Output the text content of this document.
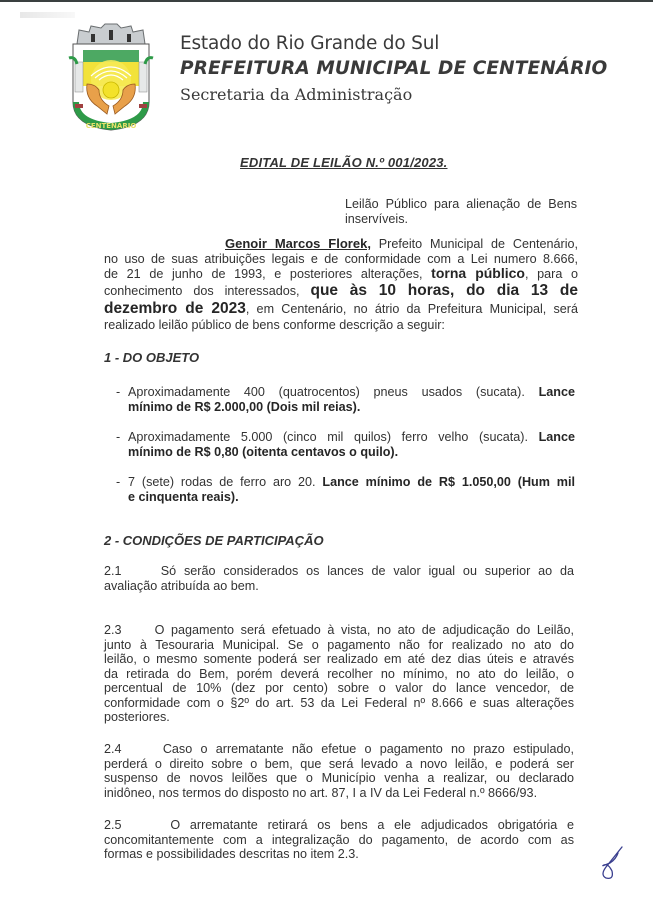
CENTENÁRIO
Estado do Rio Grande do Sul
PREFEITURA MUNICIPAL DE CENTENÁRIO
Secretaria da Administração
EDITAL DE LEILÃO N.º 001/2023.
Leilão Público para alienação de Bens
inservíveis.
Genoir Marcos Florek, Prefeito Municipal de Centenário,
no uso de suas atribuições legais e de conformidade com a Lei numero 8.666,
de 21 de junho de 1993, e posteriores alterações, torna público, para o
conhecimento dos interessados, que às 10 horas, do dia 13 de
dezembro de 2023, em Centenário, no átrio da Prefeitura Municipal, será
realizado leilão público de bens conforme descrição a seguir:
1 - DO OBJETO
- Aproximadamente 400 (quatrocentos) pneus usados (sucata). Lance
mínimo de R$ 2.000,00 (Dois mil reias).
- Aproximadamente 5.000 (cinco mil quilos) ferro velho (sucata). Lance
mínimo de R$ 0,80 (oitenta centavos o quilo).
- 7 (sete) rodas de ferro aro 20. Lance mínimo de R$ 1.050,00 (Hum mil
e cinquenta reais).
2 - CONDIÇÕES DE PARTICIPAÇÃO
2.1     Só serão considerados os lances de valor igual ou superior ao da
avaliação atribuída ao bem.
2.3     O pagamento será efetuado à vista, no ato de adjudicação do Leilão,
junto à Tesouraria Municipal. Se o pagamento não for realizado no ato do
leilão, o mesmo somente poderá ser realizado em até dez dias úteis e através
da retirada do Bem, porém deverá recolher no mínimo, no ato do leilão, o
percentual de 10% (dez por cento) sobre o valor do lance vencedor, de
conformidade com o §2º do art. 53 da Lei Federal nº 8.666 e suas alterações
posteriores.
2.4     Caso o arrematante não efetue o pagamento no prazo estipulado,
perderá o direito sobre o bem, que será levado a novo leilão, e poderá ser
suspenso de novos leilões que o Município venha a realizar, ou declarado
inidôneo, nos termos do disposto no art. 87, I a IV da Lei Federal n.º 8666/93.
2.5     O arrematante retirará os bens a ele adjudicados obrigatória e
concomitantemente com a integralização do pagamento, de acordo com as
formas e possibilidades descritas no item 2.3.
